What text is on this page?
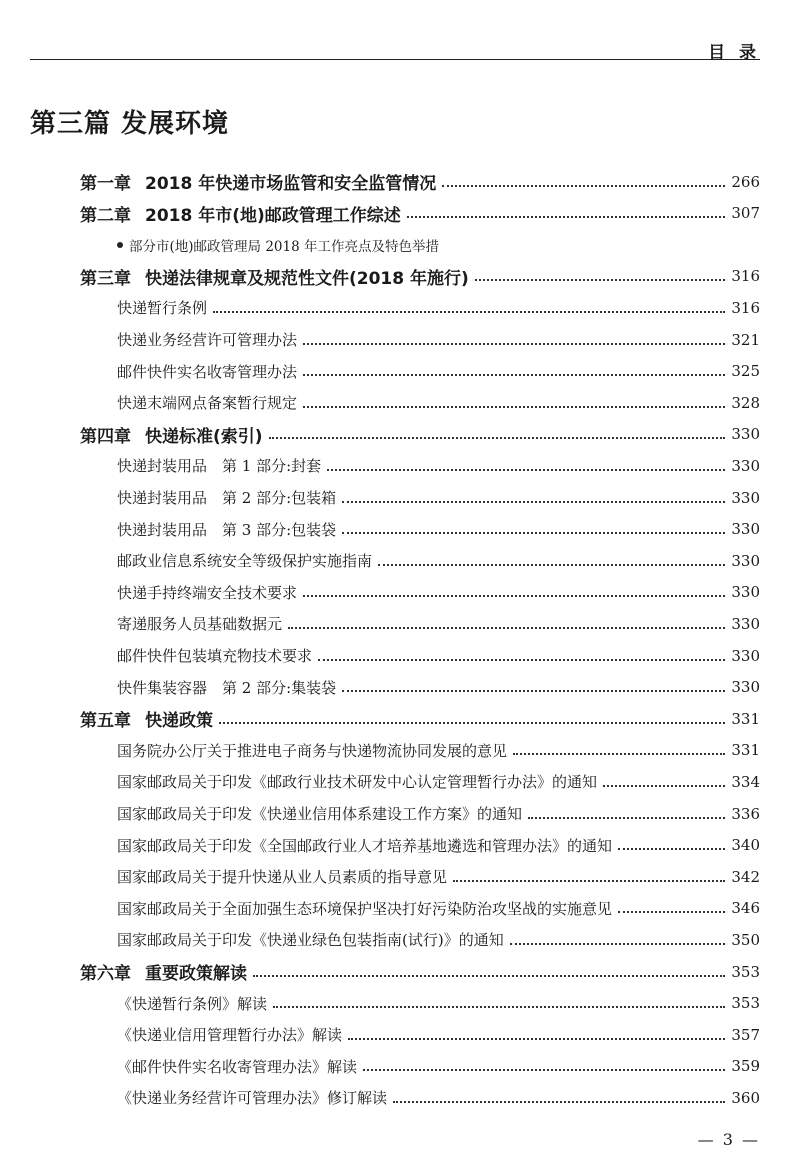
目 录
第三篇 发展环境
第一章 2018 年快递市场监管和安全监管情况	266
第二章 2018 年市(地)邮政管理工作综述	307
部分市(地)邮政管理局 2018 年工作亮点及特色举措
第三章 快递法律规章及规范性文件(2018 年施行)	316
快递暂行条例	316
快递业务经营许可管理办法	321
邮件快件实名收寄管理办法	325
快递末端网点备案暂行规定	328
第四章 快递标准(索引)	330
快递封装用品　第 1 部分:封套	330
快递封装用品　第 2 部分:包装箱	330
快递封装用品　第 3 部分:包装袋	330
邮政业信息系统安全等级保护实施指南	330
快递手持终端安全技术要求	330
寄递服务人员基础数据元	330
邮件快件包装填充物技术要求	330
快件集装容器　第 2 部分:集装袋	330
第五章 快递政策	331
国务院办公厅关于推进电子商务与快递物流协同发展的意见	331
国家邮政局关于印发《邮政行业技术研发中心认定管理暂行办法》的通知	334
国家邮政局关于印发《快递业信用体系建设工作方案》的通知	336
国家邮政局关于印发《全国邮政行业人才培养基地遴选和管理办法》的通知	340
国家邮政局关于提升快递从业人员素质的指导意见	342
国家邮政局关于全面加强生态环境保护坚决打好污染防治攻坚战的实施意见	346
国家邮政局关于印发《快递业绿色包装指南(试行)》的通知	350
第六章 重要政策解读	353
《快递暂行条例》解读	353
《快递业信用管理暂行办法》解读	357
《邮件快件实名收寄管理办法》解读	359
《快递业务经营许可管理办法》修订解读	360
— 3 —
